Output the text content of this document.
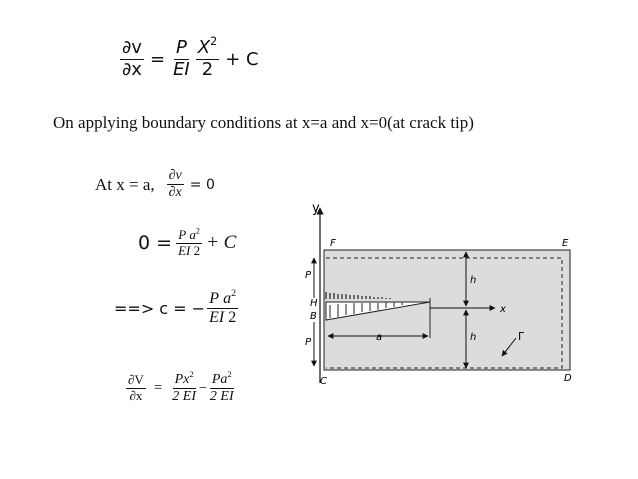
$\frac{\partial v}{\partial x} = \frac{P}{EI} \frac{X^2}{2} + C$
On applying boundary conditions at x=a and x=0(at crack tip)
At x = a, $\frac{\partial v}{\partial x} = 0$
$0 = \frac{P a^2}{EI 2} + C$
==> c = − $\frac{P a^2}{EI 2}$
$\frac{\partial V}{\partial x} = \frac{Px^2}{2 EI} - \frac{Pa^2}{2 EI}$
y
x
F	E
C	D
H
B
P
P
h
h
a	Γ
